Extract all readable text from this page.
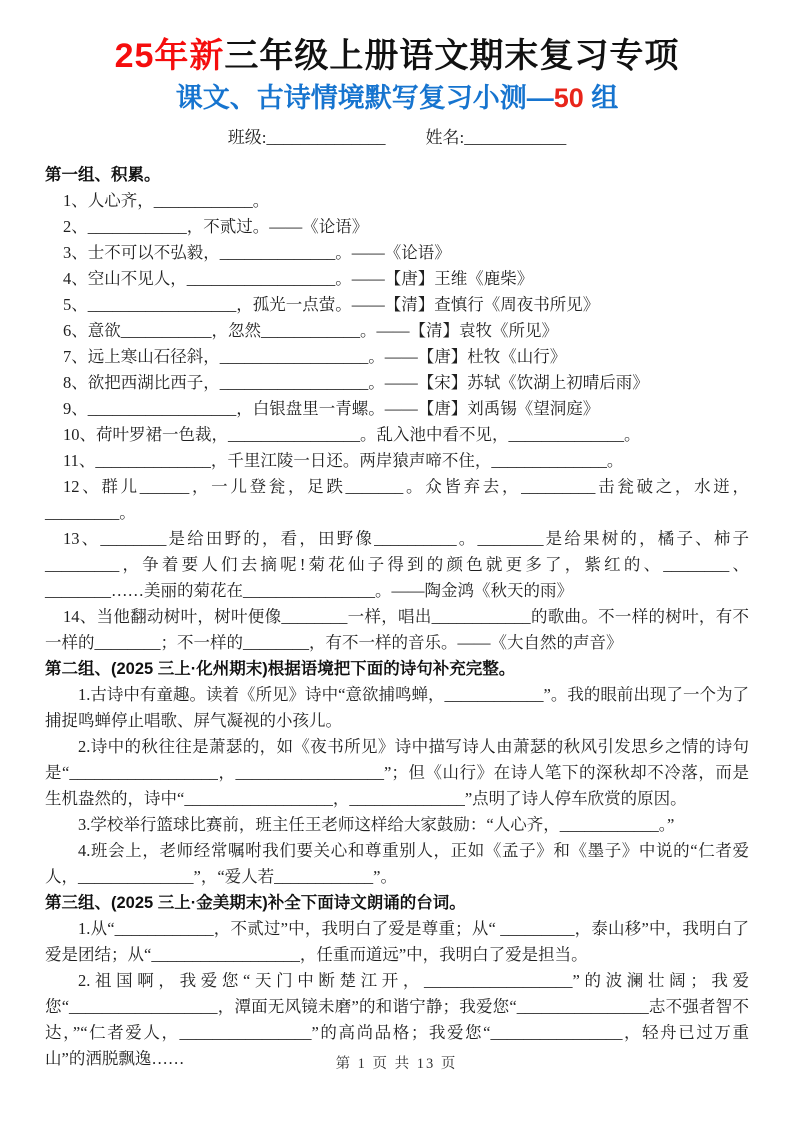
25年新三年级上册语文期末复习专项
课文、古诗情境默写复习小测—50 组
班级:______________ 姓名:____________
第一组、积累。

1、人心齐，____________。

2、____________，不贰过。——《论语》

3、士不可以不弘毅，______________。——《论语》

4、空山不见人，__________________。——【唐】王维《鹿柴》

5、__________________，孤光一点萤。——【清】查慎行《周夜书所见》

6、意欲___________，忽然____________。——【清】袁牧《所见》

7、远上寒山石径斜，__________________。——【唐】杜牧《山行》

8、欲把西湖比西子，__________________。——【宋】苏轼《饮湖上初晴后雨》

9、__________________，白银盘里一青螺。——【唐】刘禹锡《望洞庭》

10、荷叶罗裙一色裁，________________。乱入池中看不见，______________。

11、______________，千里江陵一日还。两岸猿声啼不住，______________。

12、群儿______，一儿登瓮，足跌_______。众皆弃去，_________击瓮破之，水迸，_________。

13、________是给田野的，看，田野像__________。________是给果树的，橘子、柿子_________，争着要人们去摘呢!菊花仙子得到的颜色就更多了，紫红的、________、________……美丽的菊花在________________。——陶金鸿《秋天的雨》

14、当他翻动树叶，树叶便像________一样，唱出____________的歌曲。不一样的树叶，有不一样的________；不一样的________，有不一样的音乐。——《大自然的声音》

第二组、(2025 三上·化州期末)根据语境把下面的诗句补充完整。

1.古诗中有童趣。读着《所见》诗中“意欲捕鸣蝉，____________”。我的眼前出现了一个为了捕捉鸣蝉停止唱歌、屏气凝视的小孩儿。

2.诗中的秋往往是萧瑟的，如《夜书所见》诗中描写诗人由萧瑟的秋风引发思乡之情的诗句是“__________________，__________________”；但《山行》在诗人笔下的深秋却不冷落，而是生机盎然的，诗中“__________________，______________”点明了诗人停车欣赏的原因。

3.学校举行篮球比赛前，班主任王老师这样给大家鼓励：“人心齐，____________。”

4.班会上，老师经常嘱咐我们要关心和尊重别人，正如《孟子》和《墨子》中说的“仁者爱人，______________”，“爱人若____________”。

第三组、(2025 三上·金美期末)补全下面诗文朗诵的台词。

1.从“____________，不贰过”中，我明白了爱是尊重；从“ _________，泰山移”中，我明白了爱是团结；从“__________________，任重而道远”中，我明白了爱是担当。

2.祖国啊，我爱您“天门中断楚江开，__________________”的波澜壮阔；我爱您“__________________，潭面无风镜未磨”的和谐宁静；我爱您“________________志不强者智不达，”“仁者爱人，________________”的高尚品格；我爱您“________________，轻舟已过万重山”的洒脱飘逸……	第 1 页 共 13 页
